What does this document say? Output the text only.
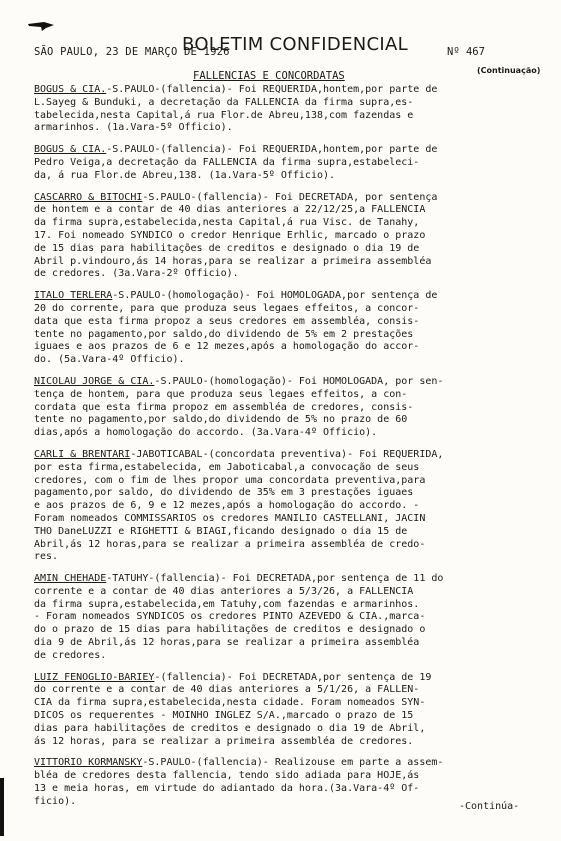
SÃO PAULO, 23 DE MARÇO DE 1926
BOLETIM CONFIDENCIAL	Nº 467
FALLENCIAS E CONCORDATAS	(Continuação)

BOGUS & CIA.-S.PAULO-(fallencia)- Foi REQUERIDA,hontem,por parte de

L.Sayeg & Bunduki, a decretação da FALLENCIA da firma supra,es-

tabelecida,nesta Capital,á rua Flor.de Abreu,138,com fazendas e

armarinhos. (1a.Vara-5º Officio).

BOGUS & CIA.-S.PAULO-(fallencia)- Foi REQUERIDA,hontem,por parte de

Pedro Veiga,a decretação da FALLENCIA da firma supra,estabeleci-

da, á rua Flor.de Abreu,138. (1a.Vara-5º Officio).

CASCARRO & BITOCHI-S.PAULO-(fallencia)- Foi DECRETADA, por sentença

de hontem e a contar de 40 dias anteriores a 22/12/25,a FALLENCIA

da firma supra,estabelecida,nesta Capital,á rua Visc. de Tanahy,

17. Foi nomeado SYNDICO o credor Henrique Erhlic, marcado o prazo

de 15 dias para habilitações de creditos e designado o dia 19 de

Abril p.vindouro,ás 14 horas,para se realizar a primeira assembléa

de credores. (3a.Vara-2º Officio).

ITALO TERLERA-S.PAULO-(homologação)- Foi HOMOLOGADA,por sentença de

20 do corrente, para que produza seus legaes effeitos, a concor-

data que esta firma propoz a seus credores em assembléa, consis-

tente no pagamento,por saldo,do dividendo de 5% em 2 prestações

iguaes e aos prazos de 6 e 12 mezes,após a homologação do accor-

do. (5a.Vara-4º Officio).

NICOLAU JORGE & CIA.-S.PAULO-(homologação)- Foi HOMOLOGADA, por sen-

tença de hontem, para que produza seus legaes effeitos, a con-

cordata que esta firma propoz em assembléa de credores, consis-

tente no pagamento,por saldo,do dividendo de 5% no prazo de 60

dias,após a homologação do accordo. (3a.Vara-4º Officio).

CARLI & BRENTARI-JABOTICABAL-(concordata preventiva)- Foi REQUERIDA,

por esta firma,estabelecida, em Jaboticabal,a convocação de seus

credores, com o fim de lhes propor uma concordata preventiva,para

pagamento,por saldo, do dividendo de 35% em 3 prestações iguaes

e aos prazos de 6, 9 e 12 mezes,após a homologação do accordo. -

Foram nomeados COMMISSARIOS os credores MANILIO CASTELLANI, JACIN

THO DaneLUZZI e RIGHETTI & BIAGI,ficando designado o dia 15 de

Abril,ás 12 horas,para se realizar a primeira assembléa de credo-

res.

AMIN CHEHADE-TATUHY-(fallencia)- Foi DECRETADA,por sentença de 11 do

corrente e a contar de 40 dias anteriores a 5/3/26, a FALLENCIA

da firma supra,estabelecida,em Tatuhy,com fazendas e armarinhos.

- Foram nomeados SYNDICOS os credores PINTO AZEVEDO & CIA.,marca-

do o prazo de 15 dias para habilitações de creditos e designado o

dia 9 de Abril,ás 12 horas,para se realizar a primeira assembléa

de credores.

LUIZ FENOGLIO-BARIEY-(fallencia)- Foi DECRETADA,por sentença de 19

do corrente e a contar de 40 dias anteriores a 5/1/26, a FALLEN-

CIA da firma supra,estabelecida,nesta cidade. Foram nomeados SYN-

DICOS os requerentes - MOINHO INGLEZ S/A.,marcado o prazo de 15

dias para habilitações de creditos e designado o dia 19 de Abril,

ás 12 horas, para se realizar a primeira assembléa de credores.

VITTORIO KORMANSKY-S.PAULO-(fallencia)- Realizouse em parte a assem-

bléa de credores desta fallencia, tendo sido adiada para HOJE,ás

13 e meia horas, em virtude do adiantado da hora.(3a.Vara-4º Of-

ficio).	-Continúa-
